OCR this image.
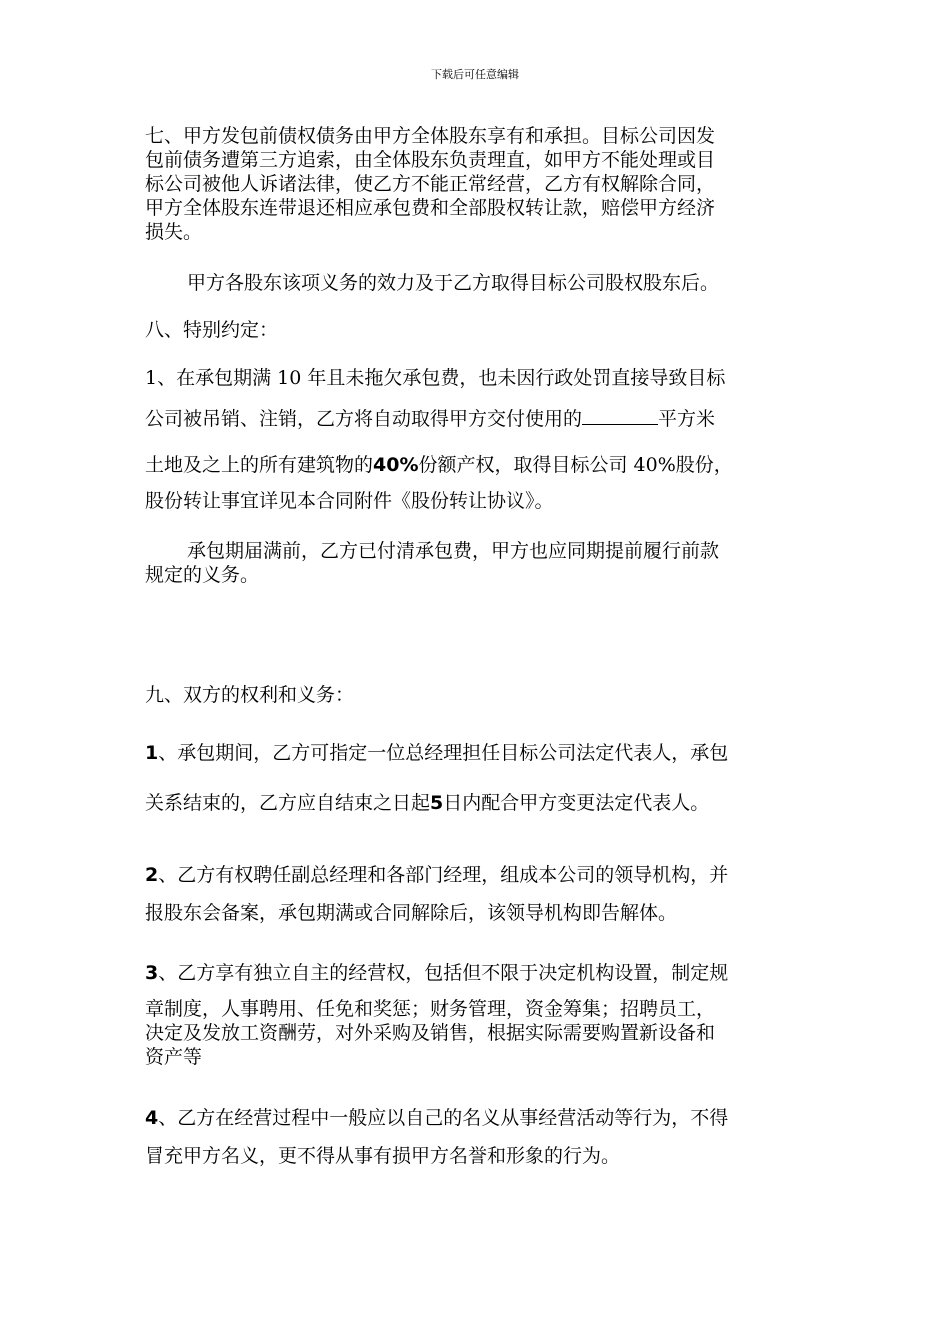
下载后可任意编辑
七、甲方发包前债权债务由甲方全体股东享有和承担。目标公司因发
包前债务遭第三方追索，由全体股东负责理直，如甲方不能处理或目
标公司被他人诉诸法律，使乙方不能正常经营，乙方有权解除合同，
甲方全体股东连带退还相应承包费和全部股权转让款，赔偿甲方经济
损失。
甲方各股东该项义务的效力及于乙方取得目标公司股权股东后。
八、特别约定：
1、在承包期满 10 年且未拖欠承包费，也未因行政处罚直接导致目标
公司被吊销、注销，乙方将自动取得甲方交付使用的	平方米
土地及之上的所有建筑物的40%份额产权，取得目标公司 40%股份，
股份转让事宜详见本合同附件《股份转让协议》。
承包期届满前，乙方已付清承包费，甲方也应同期提前履行前款
规定的义务。
九、双方的权利和义务：
1、承包期间，乙方可指定一位总经理担任目标公司法定代表人，承包
关系结束的，乙方应自结束之日起5日内配合甲方变更法定代表人。
2、乙方有权聘任副总经理和各部门经理，组成本公司的领导机构，并
报股东会备案，承包期满或合同解除后，该领导机构即告解体。
3、乙方享有独立自主的经营权，包括但不限于决定机构设置，制定规
章制度，人事聘用、任免和奖惩；财务管理，资金筹集；招聘员工，
决定及发放工资酬劳，对外采购及销售，根据实际需要购置新设备和
资产等
4、乙方在经营过程中一般应以自己的名义从事经营活动等行为，不得
冒充甲方名义，更不得从事有损甲方名誉和形象的行为。
